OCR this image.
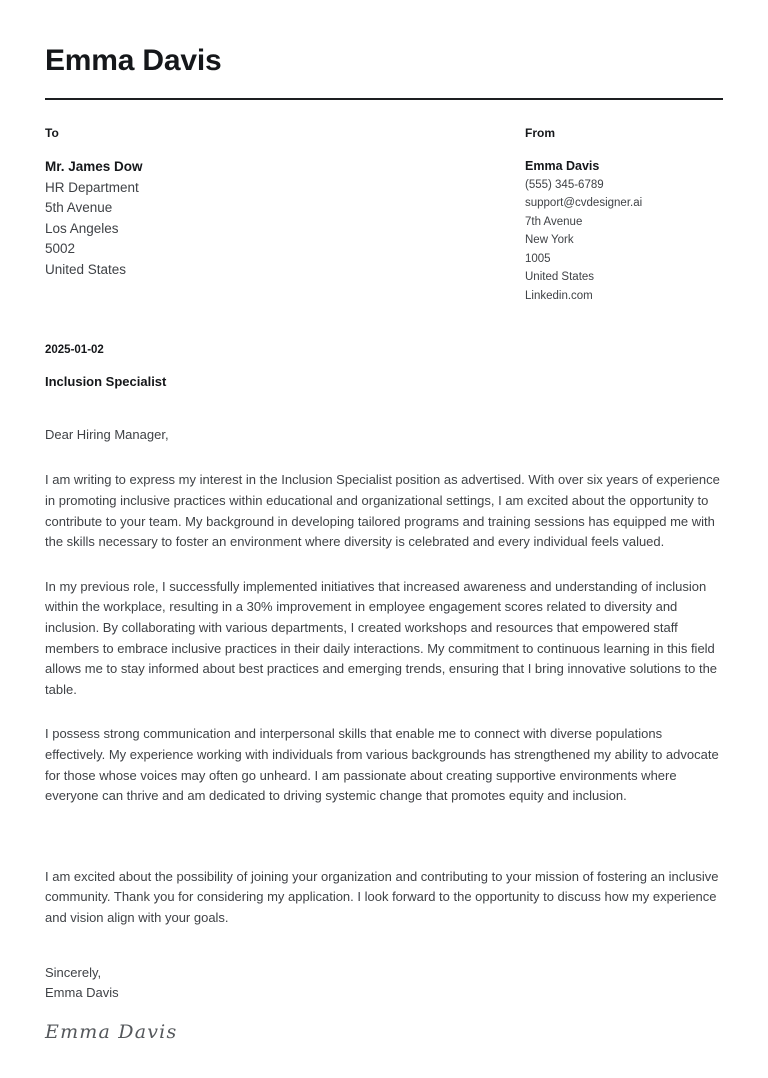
Emma Davis
To
Mr. James Dow
HR Department
5th Avenue
Los Angeles
5002
United States
From
Emma Davis
(555) 345-6789
support@cvdesigner.ai
7th Avenue
New York
1005
United States
Linkedin.com
2025-01-02
Inclusion Specialist
Dear Hiring Manager,

I am writing to express my interest in the Inclusion Specialist position as advertised. With over six years of experience in promoting inclusive practices within educational and organizational settings, I am excited about the opportunity to contribute to your team. My background in developing tailored programs and training sessions has equipped me with the skills necessary to foster an environment where diversity is celebrated and every individual feels valued.

In my previous role, I successfully implemented initiatives that increased awareness and understanding of inclusion within the workplace, resulting in a 30% improvement in employee engagement scores related to diversity and inclusion. By collaborating with various departments, I created workshops and resources that empowered staff members to embrace inclusive practices in their daily interactions. My commitment to continuous learning in this field allows me to stay informed about best practices and emerging trends, ensuring that I bring innovative solutions to the table.

I possess strong communication and interpersonal skills that enable me to connect with diverse populations effectively. My experience working with individuals from various backgrounds has strengthened my ability to advocate for those whose voices may often go unheard. I am passionate about creating supportive environments where everyone can thrive and am dedicated to driving systemic change that promotes equity and inclusion.

I am excited about the possibility of joining your organization and contributing to your mission of fostering an inclusive community. Thank you for considering my application. I look forward to the opportunity to discuss how my experience and vision align with your goals.

Sincerely,
Emma Davis
Emma Davis
